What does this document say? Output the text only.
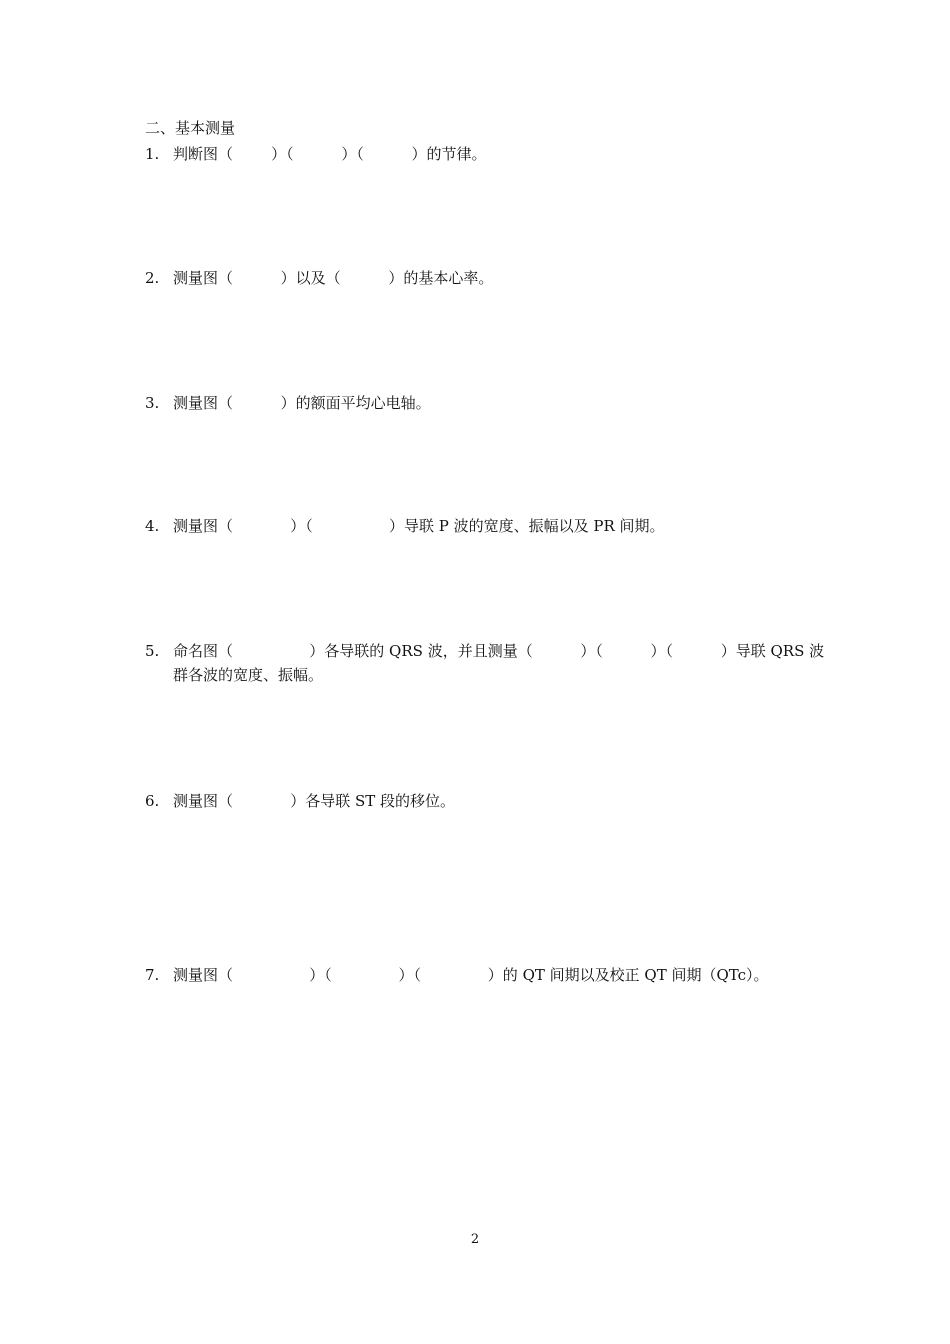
二、基本测量
1. 判断图（        ）（          ）（          ）的节律。
2. 测量图（          ）以及（          ）的基本心率。
3. 测量图（          ）的额面平均心电轴。
4. 测量图（            ）（                ）导联 P 波的宽度、振幅以及 PR 间期。
5. 命名图（                ）各导联的 QRS 波，并且测量（          ）（          ）（          ）导联 QRS 波群各波的宽度、振幅。
6. 测量图（            ）各导联 ST 段的移位。
7. 测量图（                ）（              ）（              ）的 QT 间期以及校正 QT 间期（QTc）。
2
